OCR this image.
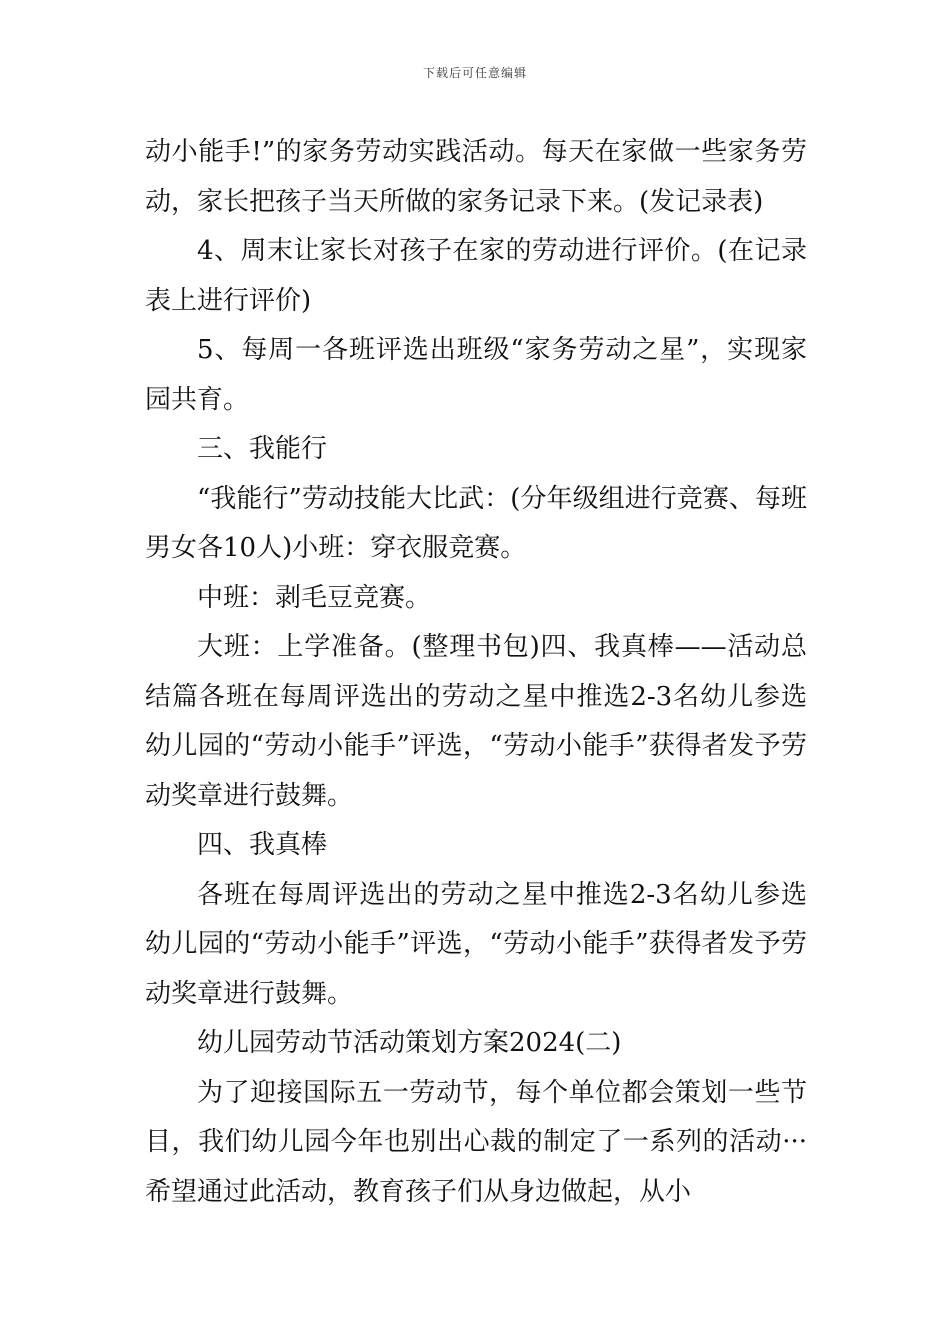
下载后可任意编辑

动小能手!”的家务劳动实践活动。每天在家做一些家务劳动，家长把孩子当天所做的家务记录下来。(发记录表)

4、周末让家长对孩子在家的劳动进行评价。(在记录表上进行评价)

5、每周一各班评选出班级“家务劳动之星”，实现家园共育。

三、我能行

“我能行”劳动技能大比武：(分年级组进行竞赛、每班男女各10人)小班：穿衣服竞赛。

中班：剥毛豆竞赛。

大班：上学准备。(整理书包)四、我真棒——活动总结篇各班在每周评选出的劳动之星中推选2-3名幼儿参选幼儿园的“劳动小能手”评选，“劳动小能手”获得者发予劳动奖章进行鼓舞。

四、我真棒

各班在每周评选出的劳动之星中推选2-3名幼儿参选幼儿园的“劳动小能手”评选，“劳动小能手”获得者发予劳动奖章进行鼓舞。

幼儿园劳动节活动策划方案2024(二)

为了迎接国际五一劳动节，每个单位都会策划一些节目，我们幼儿园今年也别出心裁的制定了一系列的活动···希望通过此活动，教育孩子们从身边做起，从小
